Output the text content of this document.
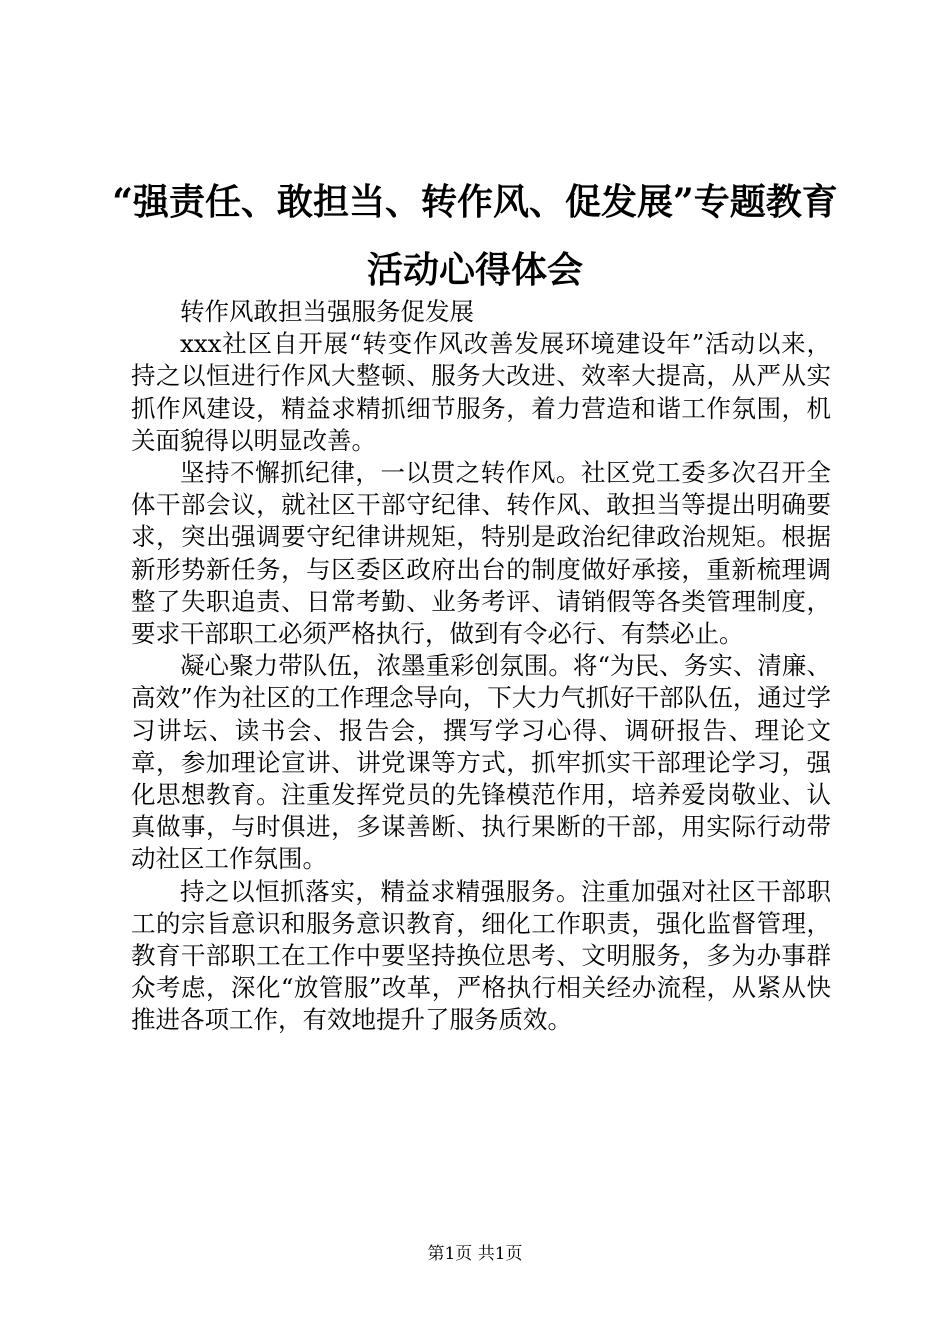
“强责任、敢担当、转作风、促发展”专题教育活动心得体会

转作风敢担当强服务促发展

xxx社区自开展“转变作风改善发展环境建设年”活动以来，持之以恒进行作风大整顿、服务大改进、效率大提高，从严从实抓作风建设，精益求精抓细节服务，着力营造和谐工作氛围，机关面貌得以明显改善。

坚持不懈抓纪律，一以贯之转作风。社区党工委多次召开全体干部会议，就社区干部守纪律、转作风、敢担当等提出明确要求，突出强调要守纪律讲规矩，特别是政治纪律政治规矩。根据新形势新任务，与区委区政府出台的制度做好承接，重新梳理调整了失职追责、日常考勤、业务考评、请销假等各类管理制度，要求干部职工必须严格执行，做到有令必行、有禁必止。

凝心聚力带队伍，浓墨重彩创氛围。将“为民、务实、清廉、高效”作为社区的工作理念导向，下大力气抓好干部队伍，通过学习讲坛、读书会、报告会，撰写学习心得、调研报告、理论文章，参加理论宣讲、讲党课等方式，抓牢抓实干部理论学习，强化思想教育。注重发挥党员的先锋模范作用，培养爱岗敬业、认真做事，与时俱进，多谋善断、执行果断的干部，用实际行动带动社区工作氛围。

持之以恒抓落实，精益求精强服务。注重加强对社区干部职工的宗旨意识和服务意识教育，细化工作职责，强化监督管理，教育干部职工在工作中要坚持换位思考、文明服务，多为办事群众考虑，深化“放管服”改革，严格执行相关经办流程，从紧从快推进各项工作，有效地提升了服务质效。

第1页 共1页
